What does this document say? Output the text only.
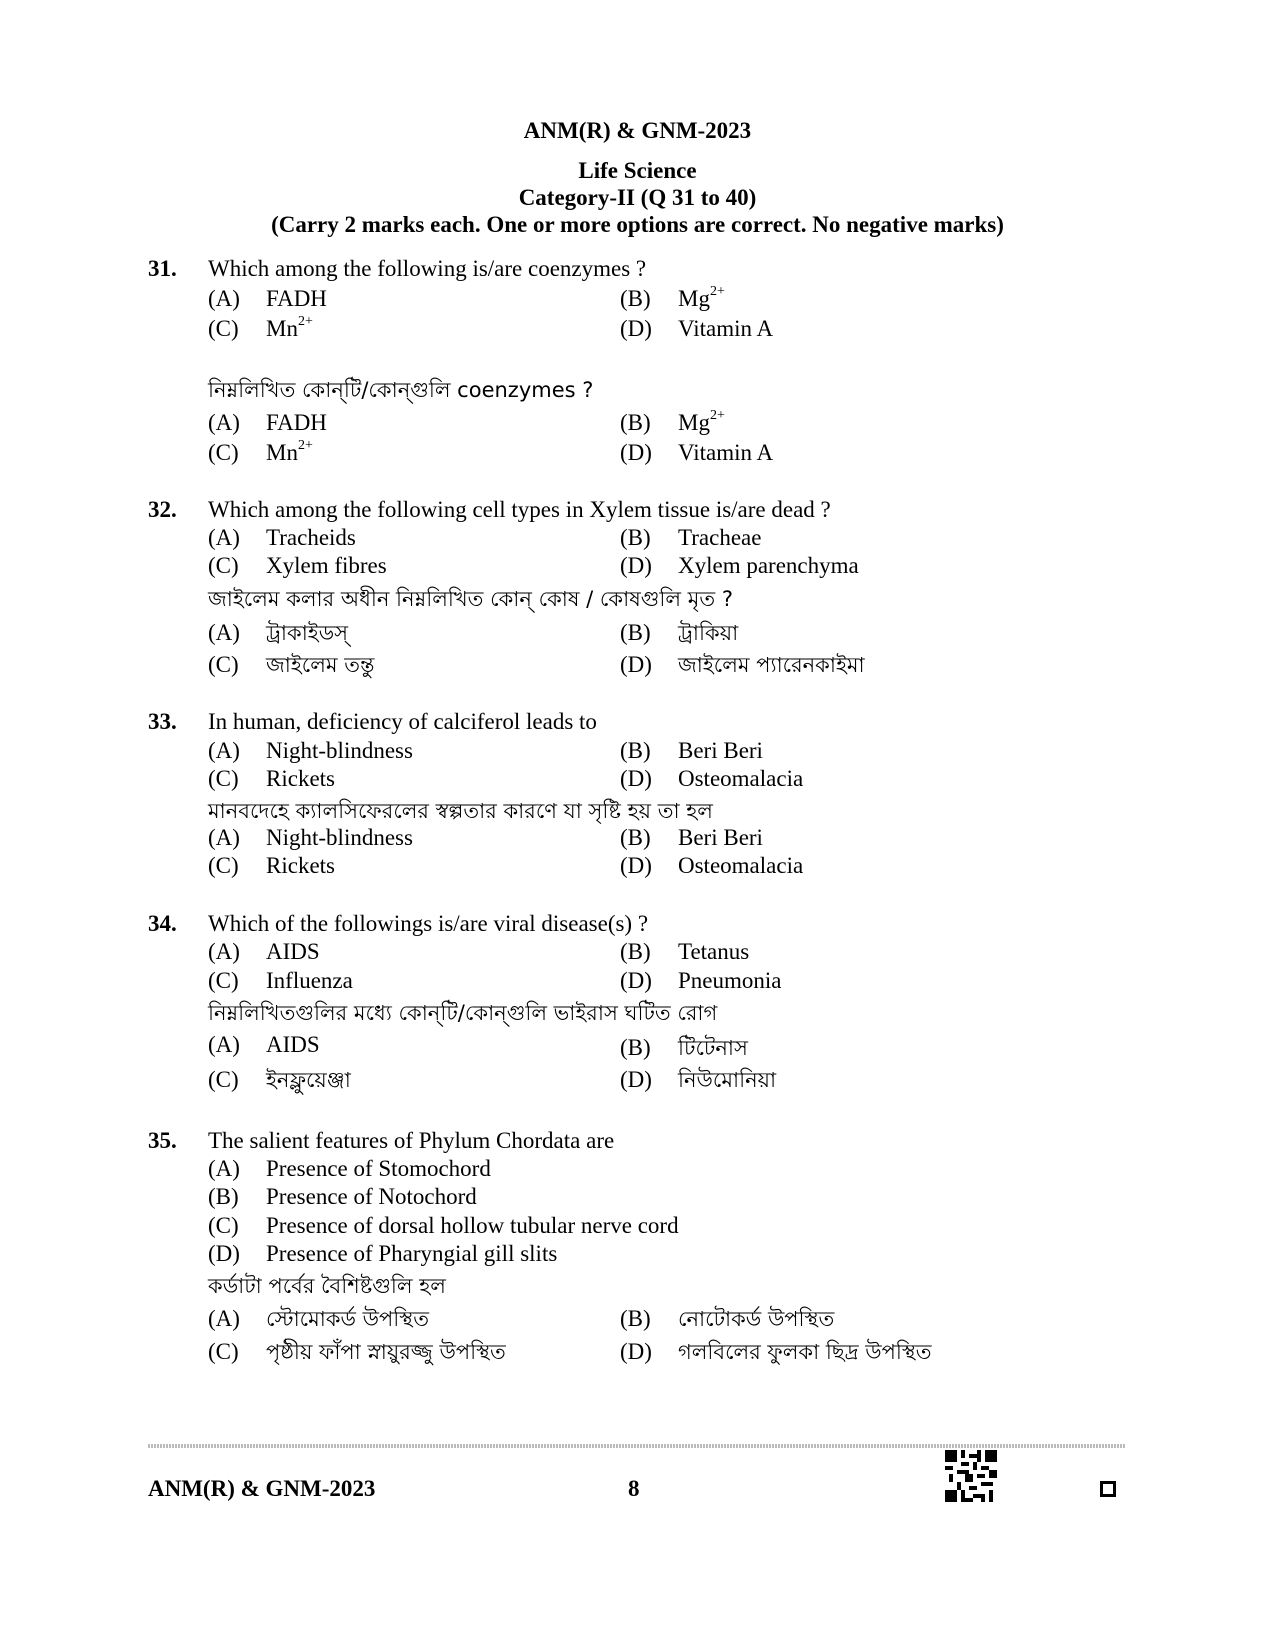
ANM(R) & GNM-2023
Life Science
Category-II (Q 31 to 40)
(Carry 2 marks each. One or more options are correct. No negative marks)
31.	Which among the following is/are coenzymes ?
(A) FADH	(B) $Mg^{2+}$
(C) $Mn^{2+}$	(D) Vitamin A
নিম্নলিখিত কোন্‌টি/কোন্‌গুলি coenzymes ?
(A) FADH	(B) $Mg^{2+}$
(C) $Mn^{2+}$	(D) Vitamin A
32.	Which among the following cell types in Xylem tissue is/are dead ?
(A) Tracheids	(B) Tracheae
(C) Xylem fibres	(D) Xylem parenchyma
জাইলেম কলার অধীন নিম্নলিখিত কোন্‌ কোষ / কোষগুলি মৃত ?
(A) ট্রাকাইডস্‌	(B) ট্রাকিয়া
(C) জাইলেম তন্তু	(D) জাইলেম প্যারেনকাইমা
33.	In human, deficiency of calciferol leads to
(A) Night-blindness	(B) Beri Beri
(C) Rickets	(D) Osteomalacia
মানবদেহে ক্যালসিফেরলের স্বল্পতার কারণে যা সৃষ্টি হয় তা হল
(A) Night-blindness	(B) Beri Beri
(C) Rickets	(D) Osteomalacia
34.	Which of the followings is/are viral disease(s) ?
(A) AIDS	(B) Tetanus
(C) Influenza	(D) Pneumonia
নিম্নলিখিতগুলির মধ্যে কোন্‌টি/কোন্‌গুলি ভাইরাস ঘটিত রোগ
(A) AIDS	(B) টিটেনাস
(C) ইনফ্লুয়েঞ্জা	(D) নিউমোনিয়া
35.	The salient features of Phylum Chordata are
(A) Presence of Stomochord
(B) Presence of Notochord
(C) Presence of dorsal hollow tubular nerve cord
(D) Presence of Pharyngial gill slits
কর্ডাটা পর্বের বৈশিষ্টগুলি হল
(A) স্টোমোকর্ড উপস্থিত	(B) নোটোকর্ড উপস্থিত
(C) পৃষ্ঠীয় ফাঁপা স্নায়ুরজ্জু উপস্থিত	(D) গলবিলের ফুলকা ছিদ্র উপস্থিত
ANM(R) & GNM-2023	8
